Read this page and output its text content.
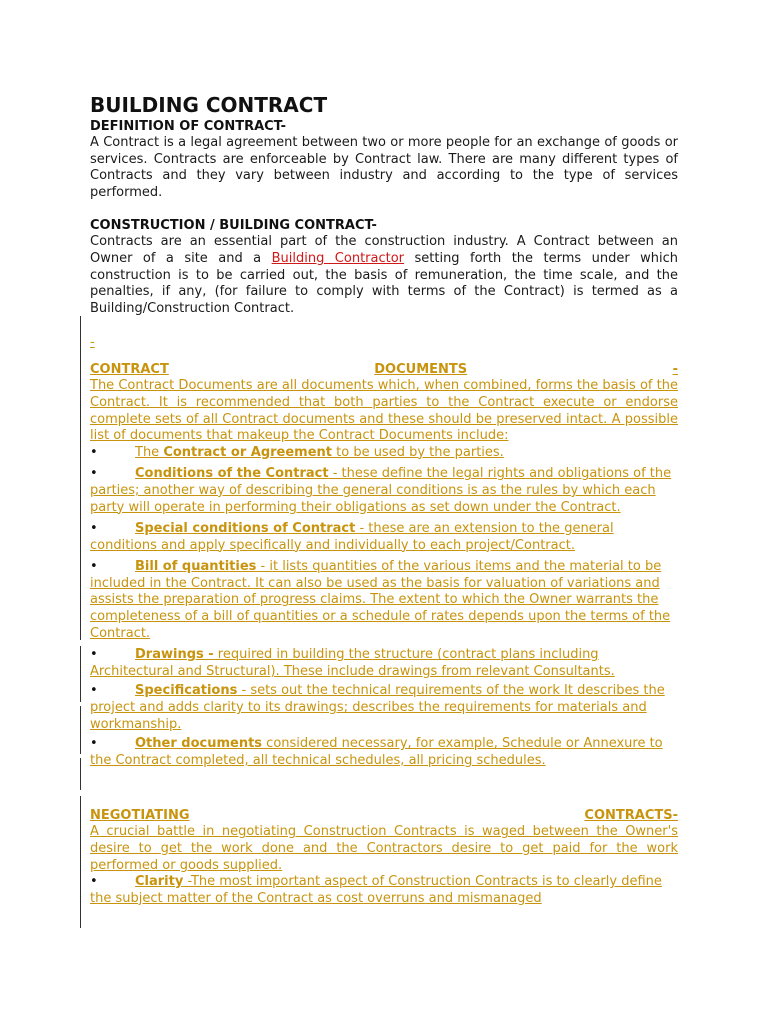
BUILDING CONTRACT

DEFINITION OF CONTRACT-

A Contract is a legal agreement between two or more people for an exchange of goods or services. Contracts are enforceable by Contract law. There are many different types of Contracts and they vary between industry and according to the type of services performed.

CONSTRUCTION / BUILDING CONTRACT-

Contracts are an essential part of the construction industry. A Contract between an Owner of a site and a Building Contractor setting forth the terms under which construction is to be carried out, the basis of remuneration, the time scale, and the penalties, if any, (for failure to comply with terms of the Contract) is termed as a Building/Construction Contract.

-

CONTRACT	DOCUMENTS	-

The Contract Documents are all documents which, when combined, forms the basis of the Contract. It is recommended that both parties to the Contract execute or endorse complete sets of all Contract documents and these should be preserved intact. A possible list of documents that makeup the Contract Documents include:

•	The Contract or Agreement to be used by the parties.

•	Conditions of the Contract - these define the legal rights and obligations of the parties; another way of describing the general conditions is as the rules by which each party will operate in performing their obligations as set down under the Contract.

•	Special conditions of Contract - these are an extension to the general conditions and apply specifically and individually to each project/Contract.

•	Bill of quantities - it lists quantities of the various items and the material to be included in the Contract. It can also be used as the basis for valuation of variations and assists the preparation of progress claims. The extent to which the Owner warrants the completeness of a bill of quantities or a schedule of rates depends upon the terms of the Contract.

•	Drawings - required in building the structure (contract plans including Architectural and Structural). These include drawings from relevant Consultants.

•	Specifications - sets out the technical requirements of the work It describes the project and adds clarity to its drawings; describes the requirements for materials and workmanship.

•	Other documents considered necessary, for example, Schedule or Annexure to the Contract completed, all technical schedules, all pricing schedules.

NEGOTIATING	CONTRACTS-

A crucial battle in negotiating Construction Contracts is waged between the Owner's desire to get the work done and the Contractors desire to get paid for the work performed or goods supplied.

•	Clarity -The most important aspect of Construction Contracts is to clearly define the subject matter of the Contract as cost overruns and mismanaged
